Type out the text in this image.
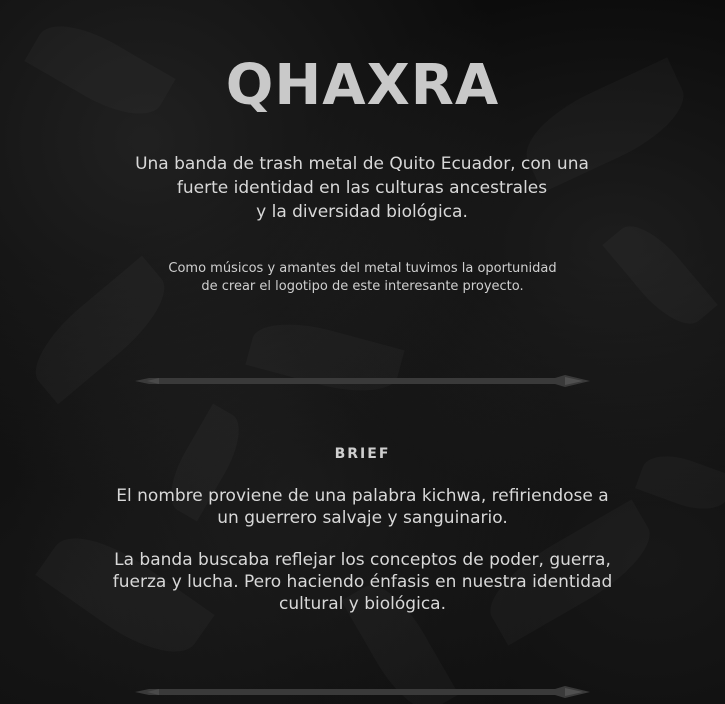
QHAXRA

Una banda de trash metal de Quito Ecuador, con una
fuerte identidad en las culturas ancestrales
y la diversidad biológica.

Como músicos y amantes del metal tuvimos la oportunidad
de crear el logotipo de este interesante proyecto.

BRIEF

El nombre proviene de una palabra kichwa, refiriendose a
un guerrero salvaje y sanguinario.

La banda buscaba reflejar los conceptos de poder, guerra,
fuerza y lucha. Pero haciendo énfasis en nuestra identidad
cultural y biológica.
